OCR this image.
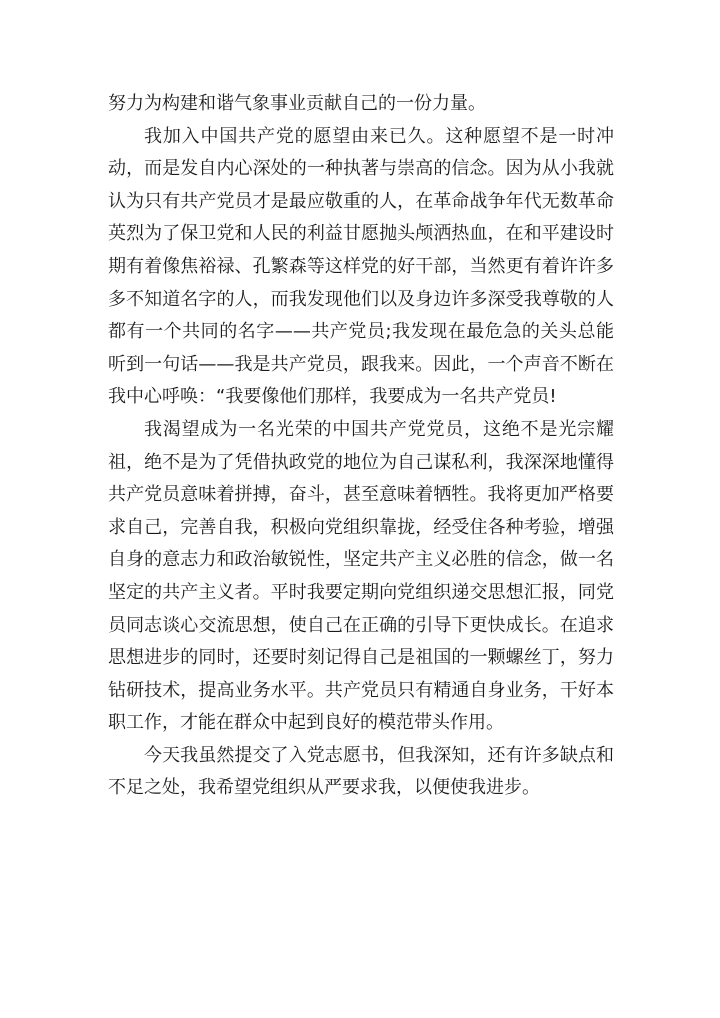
努力为构建和谐气象事业贡献自己的一份力量。

我加入中国共产党的愿望由来已久。这种愿望不是一时冲动，而是发自内心深处的一种执著与崇高的信念。因为从小我就认为只有共产党员才是最应敬重的人，在革命战争年代无数革命英烈为了保卫党和人民的利益甘愿抛头颅洒热血，在和平建设时期有着像焦裕禄、孔繁森等这样党的好干部，当然更有着许许多多不知道名字的人，而我发现他们以及身边许多深受我尊敬的人都有一个共同的名字——共产党员;我发现在最危急的关头总能听到一句话——我是共产党员，跟我来。因此，一个声音不断在我中心呼唤：“我要像他们那样，我要成为一名共产党员!

我渴望成为一名光荣的中国共产党党员，这绝不是光宗耀祖，绝不是为了凭借执政党的地位为自己谋私利，我深深地懂得共产党员意味着拼搏，奋斗，甚至意味着牺牲。我将更加严格要求自己，完善自我，积极向党组织靠拢，经受住各种考验，增强自身的意志力和政治敏锐性，坚定共产主义必胜的信念，做一名坚定的共产主义者。平时我要定期向党组织递交思想汇报，同党员同志谈心交流思想，使自己在正确的引导下更快成长。在追求思想进步的同时，还要时刻记得自己是祖国的一颗螺丝丁，努力钻研技术，提高业务水平。共产党员只有精通自身业务，干好本职工作，才能在群众中起到良好的模范带头作用。

今天我虽然提交了入党志愿书，但我深知，还有许多缺点和不足之处，我希望党组织从严要求我，以便使我进步。
